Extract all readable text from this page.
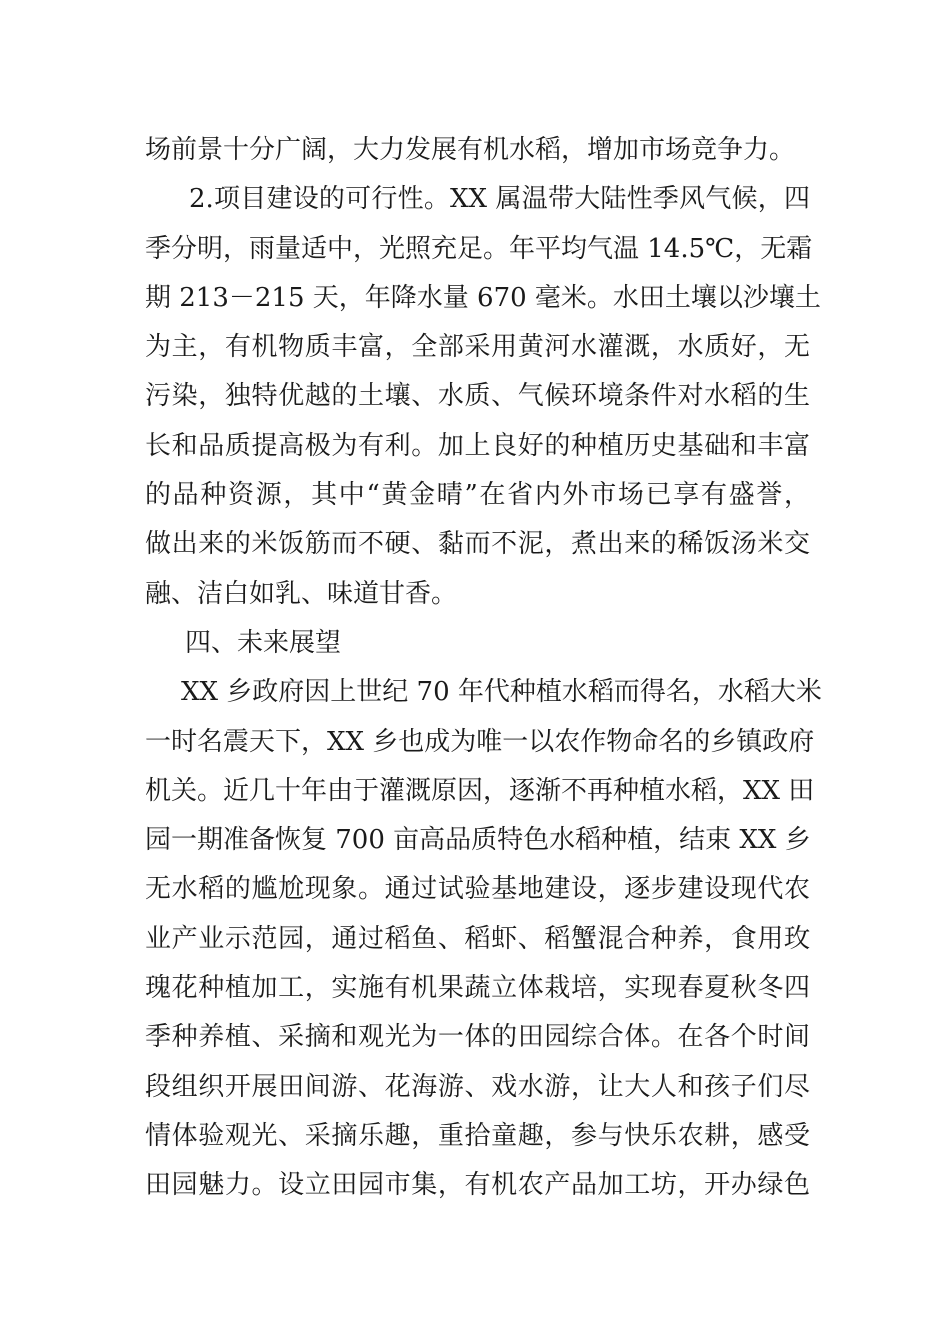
场前景十分广阔，大力发展有机水稻，增加市场竞争力。
2.项目建设的可行性。XX 属温带大陆性季风气候，四
季分明，雨量适中，光照充足。年平均气温 14.5℃，无霜
期 213－215 天，年降水量 670 毫米。水田土壤以沙壤土
为主，有机物质丰富，全部采用黄河水灌溉，水质好，无
污染，独特优越的土壤、水质、气候环境条件对水稻的生
长和品质提高极为有利。加上良好的种植历史基础和丰富
的品种资源，其中“黄金晴”在省内外市场已享有盛誉，
做出来的米饭筋而不硬、黏而不泥，煮出来的稀饭汤米交
融、洁白如乳、味道甘香。
四、未来展望
XX 乡政府因上世纪 70 年代种植水稻而得名，水稻大米
一时名震天下，XX 乡也成为唯一以农作物命名的乡镇政府
机关。近几十年由于灌溉原因，逐渐不再种植水稻，XX 田
园一期准备恢复 700 亩高品质特色水稻种植，结束 XX 乡
无水稻的尴尬现象。通过试验基地建设，逐步建设现代农
业产业示范园，通过稻鱼、稻虾、稻蟹混合种养，食用玫
瑰花种植加工，实施有机果蔬立体栽培，实现春夏秋冬四
季种养植、采摘和观光为一体的田园综合体。在各个时间
段组织开展田间游、花海游、戏水游，让大人和孩子们尽
情体验观光、采摘乐趣，重拾童趣，参与快乐农耕，感受
田园魅力。设立田园市集，有机农产品加工坊，开办绿色
